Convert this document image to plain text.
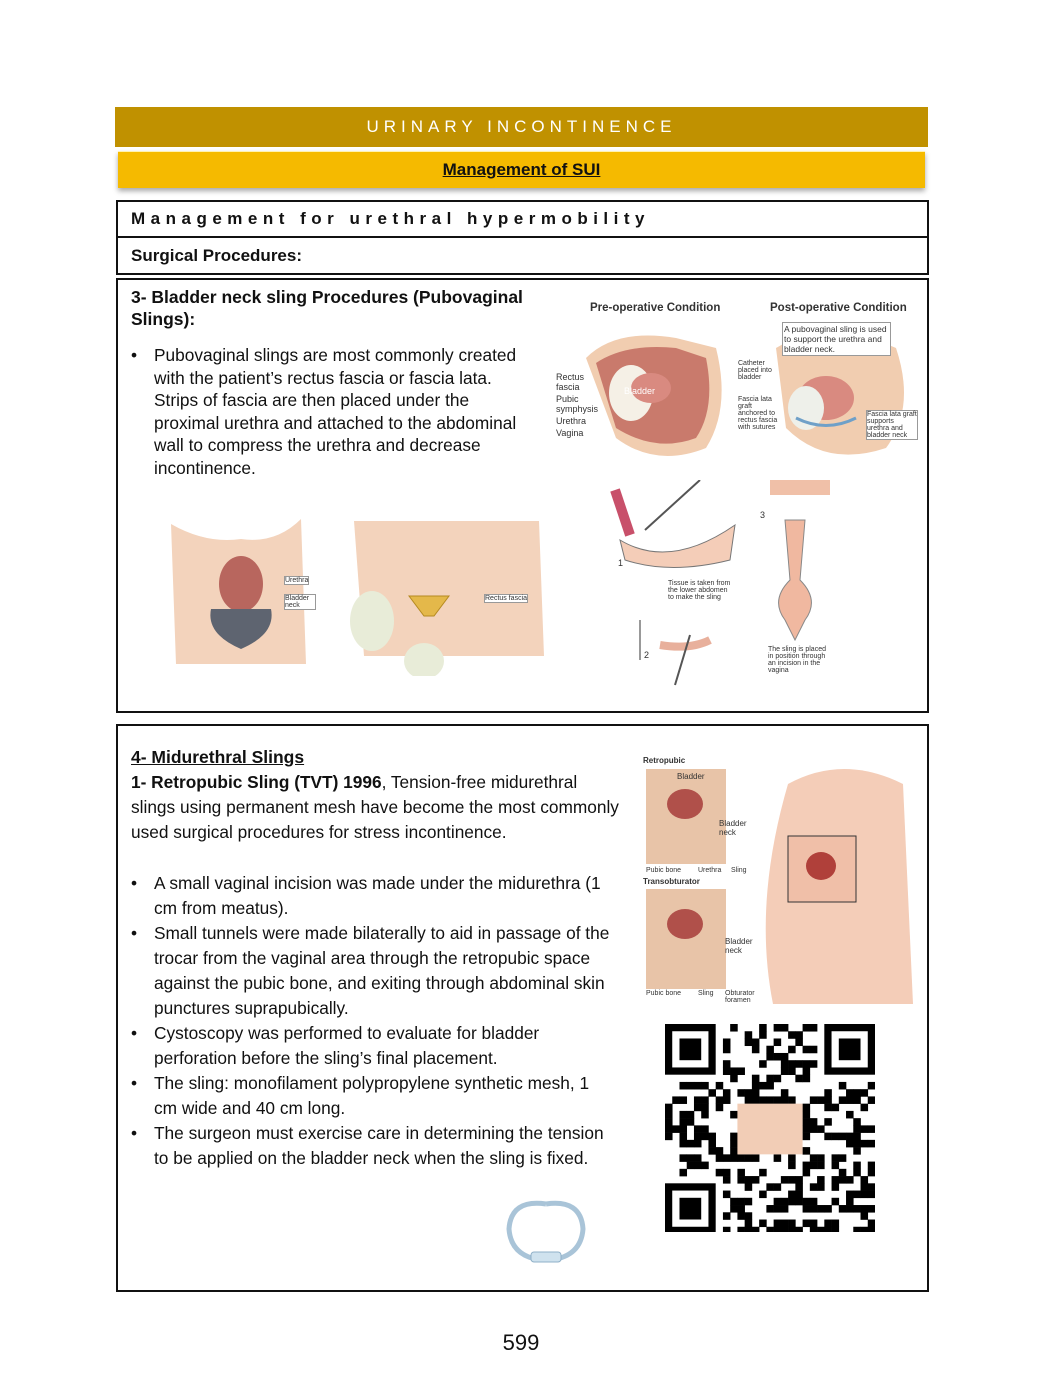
URINARY INCONTINENCE
Management of SUI
Management for urethral hypermobility
Surgical Procedures:
3- Bladder neck sling Procedures (Pubovaginal Slings):
• Pubovaginal slings are most commonly created with the patient’s rectus fascia or fascia lata. Strips of fascia are then placed under the proximal urethra and attached to the abdominal wall to compress the urethra and decrease incontinence.
Pre-operative Condition	Post-operative Condition
Rectus fascia
Pubic symphysis
Urethra
Vagina
Bladder
A pubovaginal sling is used to support the urethra and bladder neck.
Catheter placed into bladder
Fascia lata graft anchored to rectus fascia with sutures
Fascia lata graft supports urethra and bladder neck
1
2
3
Tissue is taken from the lower abdomen to make the sling
The sling is placed in position through an incision in the vagina
Urethra
Bladder neck
Rectus fascia
4- Midurethral Slings
1- Retropubic Sling (TVT) 1996, Tension-free midurethral slings using permanent mesh have become the most commonly used surgical procedures for stress incontinence.
• A small vaginal incision was made under the midurethra (1 cm from meatus).
• Small tunnels were made bilaterally to aid in passage of the trocar from the vaginal area through the retropubic space against the pubic bone, and exiting through abdominal skin punctures suprapubically.
• Cystoscopy was performed to evaluate for bladder perforation before the sling’s final placement.
• The sling: monofilament polypropylene synthetic mesh, 1 cm wide and 40 cm long.
• The surgeon must exercise care in determining the tension to be applied on the bladder neck when the sling is fixed.
Retropubic
Bladder
Bladder neck
Pubic bone Urethra Sling
Transobturator
Bladder neck
Pubic bone Sling Obturator foramen
599
